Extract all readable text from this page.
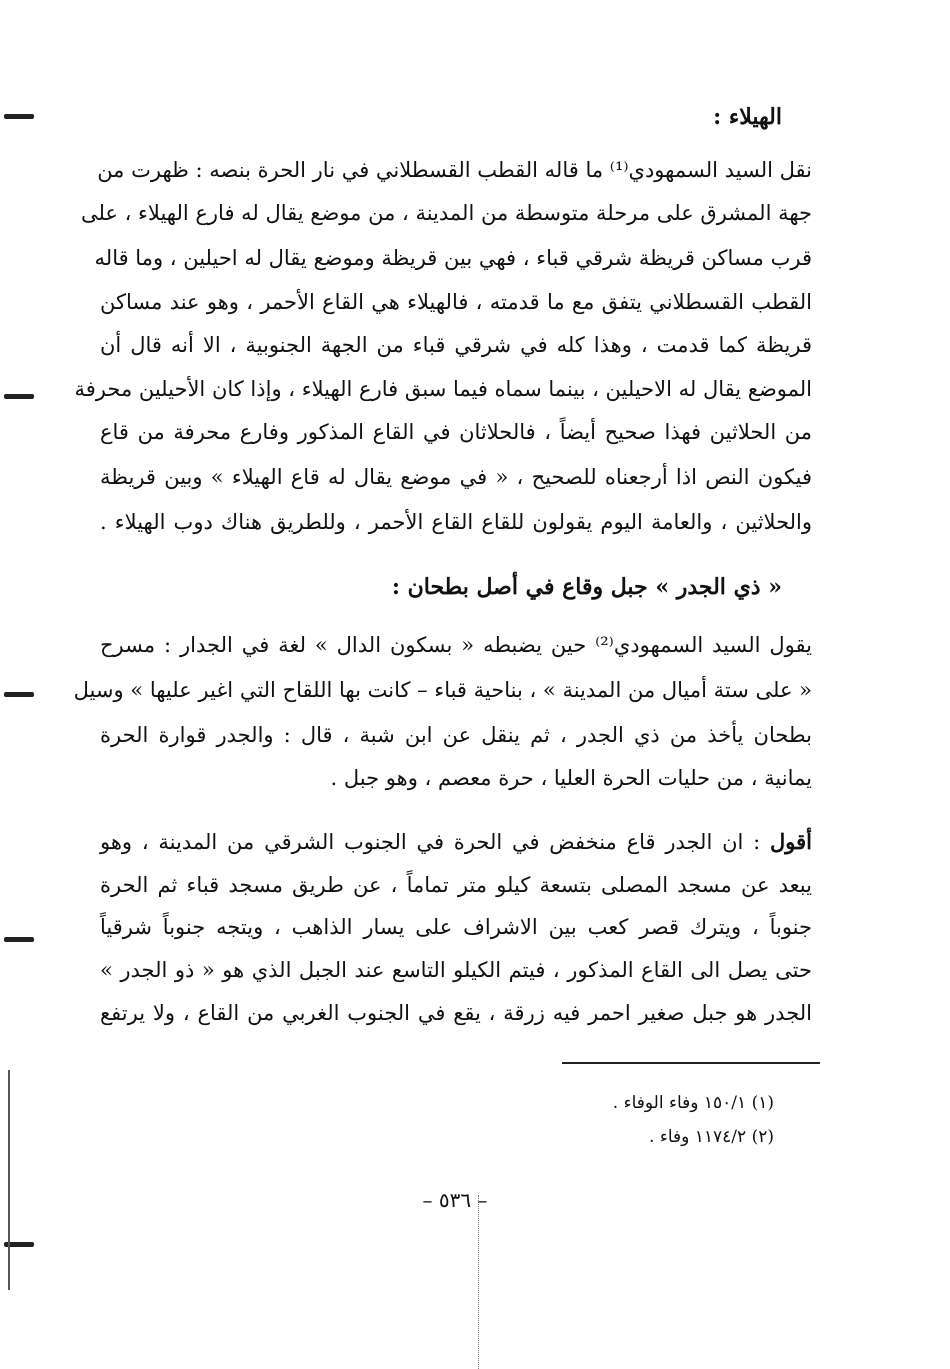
الهيلاء :
نقل السيد السمهودي⁽¹⁾ ما قاله القطب القسطلاني في نار الحرة بنصه : ظهرت من
جهة المشرق على مرحلة متوسطة من المدينة ، من موضع يقال له فارع الهيلاء ، على
قرب مساكن قريظة شرقي قباء ، فهي بين قريظة وموضع يقال له احيلين ، وما قاله
القطب القسطلاني يتفق مع ما قدمته ، فالهيلاء هي القاع الأحمر ، وهو عند مساكن
قريظة كما قدمت ، وهذا كله في شرقي قباء من الجهة الجنوبية ، الا أنه قال أن
الموضع يقال له الاحيلين ، بينما سماه فيما سبق فارع الهيلاء ، وإذا كان الأحيلين محرفة
من الحلاثين فهذا صحيح أيضاً ، فالحلاثان في القاع المذكور وفارع محرفة من قاع
فيكون النص اذا أرجعناه للصحيح ، « في موضع يقال له قاع الهيلاء » وبين قريظة
والحلاثين ، والعامة اليوم يقولون للقاع القاع الأحمر ، وللطريق هناك دوب الهيلاء .
« ذي الجدر » جبل وقاع في أصل بطحان :
يقول السيد السمهودي⁽²⁾ حين يضبطه « بسكون الدال » لغة في الجدار : مسرح
« على ستة أميال من المدينة » ، بناحية قباء – كانت بها اللقاح التي اغير عليها » وسيل
بطحان يأخذ من ذي الجدر ، ثم ينقل عن ابن شبة ، قال : والجدر قوارة الحرة
يمانية ، من حليات الحرة العليا ، حرة معصم ، وهو جبل .
أقول : ان الجدر قاع منخفض في الحرة في الجنوب الشرقي من المدينة ، وهو
يبعد عن مسجد المصلى بتسعة كيلو متر تماماً ، عن طريق مسجد قباء ثم الحرة
جنوباً ، ويترك قصر كعب بين الاشراف على يسار الذاهب ، ويتجه جنوباً شرقياً
حتى يصل الى القاع المذكور ، فيتم الكيلو التاسع عند الجبل الذي هو « ذو الجدر »
الجدر هو جبل صغير احمر فيه زرقة ، يقع في الجنوب الغربي من القاع ، ولا يرتفع
(١) ١٥٠/١ وفاء الوفاء .
(٢) ١١٧٤/٢ وفاء .
– ٥٣٦ –
